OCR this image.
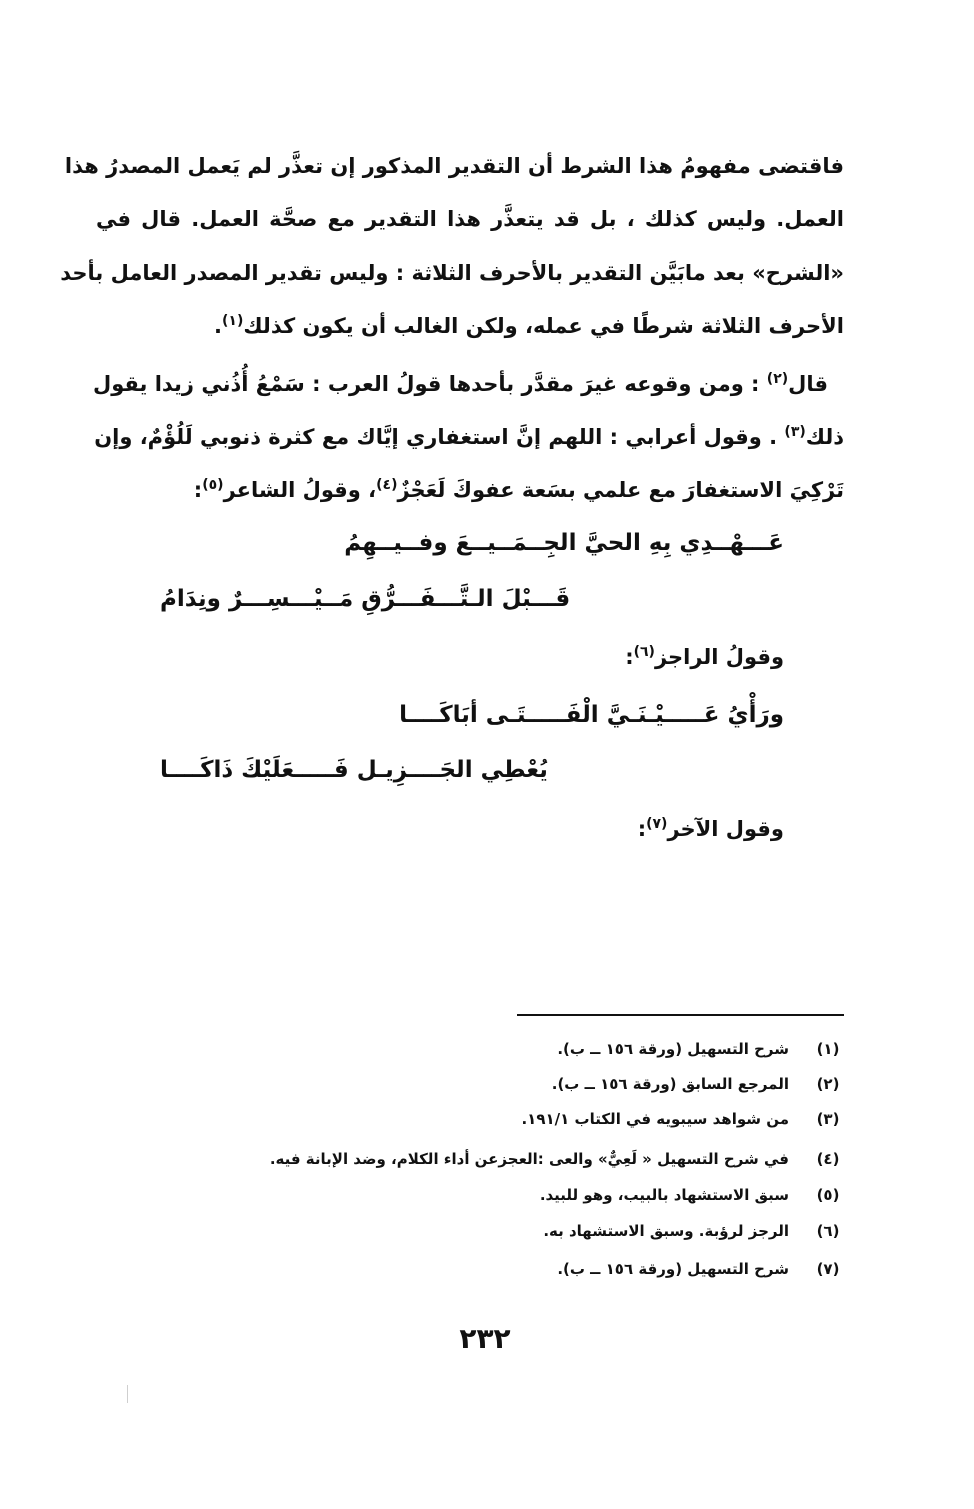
فاقتضى مفهومُ هذا الشرط أن التقدير المذكور إن تعذَّر لم يَعمل المصدرُ هذا
العمل. وليس كذلك ، بل قد يتعذَّر هذا التقدير مع صحَّة العمل. قال في
«الشرح» بعد مابَيَّن التقدير بالأحرف الثلاثة : وليس تقدير المصدر العامل بأحد
الأحرف الثلاثة شرطًا في عمله، ولكن الغالب أن يكون كذلك$^{(١)}$.
قال$^{(٢)}$ : ومن وقوعه غيرَ مقدَّر بأحدها قولُ العرب : سَمْعُ أُذُني زيدا يقول
ذلك$^{(٣)}$ . وقول أعرابي : اللهم إنَّ استغفاري إيَّاك مع كثرة ذنوبي لَلُؤْمٌ، وإن
تَرْكِيَ الاستغفارَ مع علمي بسَعة عفوكَ لَعَجْزٌ$^{(٤)}$، وقولُ الشاعر$^{(٥)}$:
عَـــهْــدِي بِهِ الحيَّ الجِــمَــيــعَ وفــيــهِمُ
قَـــبْلَ الـتَّـــفَـــرُّقِ مَــيْـــسِـــرٌ ونِدَامُ
وقولُ الراجز$^{(٦)}$:
ورَأْيُ عَـــــيْـنَـيَّ الْفَـــــتَـى أبَاكَــــا
يُعْطِي الجَــــزِيـل فَـــــعَلَيْكَ ذَاكَــــا
وقول الآخر$^{(٧)}$:
(١)
شرح التسهيل (ورقة ١٥٦ ــ ب).
(٢)
المرجع السابق (ورقة ١٥٦ ــ ب).
(٣)
من شواهد سيبويه في الكتاب ١٩١/١.
(٤)
في شرح التسهيل « لَعِيٌّ» والعى :العجزعن أداء الكلام، وضد الإبانة فيه.
(٥)
سبق الاستشهاد بالبيب، وهو للبيد.
(٦)
الرجز لرؤبة. وسبق الاستشهاد به.
(٧)
شرح التسهيل (ورقة ١٥٦ ــ ب).
٢٣٢
